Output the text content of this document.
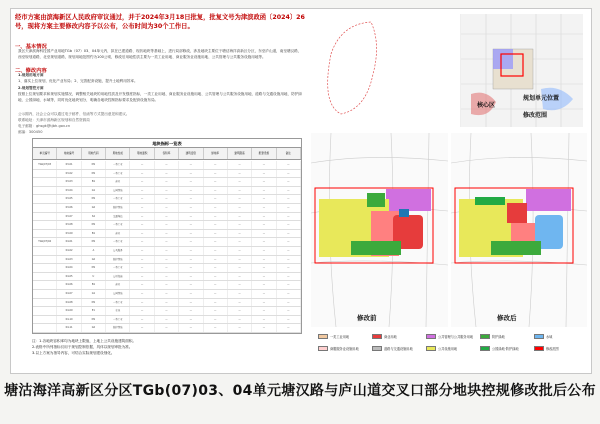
经市方案由滨海新区人民政府审议通过，并于2024年3月18日批复，批复文号为津滨政函〔2024〕26号，现将方案主要修改内容予以公布，公布时间为30个工作日。
一、基本情况
我区天津滨海科技园产业用地TGb（07）03、04单元内，拟在已建道路、现状地块等基础上，进行局部修改，涉及地块主要位于塘沽海洋高新区分区，东至庐山道，南至塘汉路，西至规划道路，北至规划道路，规划用地范围约为100公顷，修改后用地性质主要为一类工业用地、商业服务业设施用地、公共管理与公共服务设施用地等。
二、修改内容
1.规划用地方面
1、落实上位规划，优化产业布局；2、完善配套设施，提升土地利用效率。
2.规划管控方面
按照上位规划要求和规划实施情况，调整相关地块的用地性质及开发强度指标，一类工业用地、商业服务业设施用地、公共管理与公共服务设施用地、道路与交通设施用地、防护绿地、公园绿地、水域等，同时优化地块划分，明确各地块控制指标要求及配套设施布局。
公示期内，社会公众可以通过电子邮件、信函等方式提出意见和建议。
联系地址：天津市滨海新区规划和自然资源局
电子邮箱：ghsgk@tjbh.gov.cn
邮编：300450
地块指标一览表
单元编号	地块编号	用地代码	用地性质	用地面积	容积率	建筑密度	绿地率	建筑限高	配套设施	备注
TGb(07)03	03-01	M1	一类工业	—	—	—	—	—	—	—
03-02	M1	一类工业	—	—	—	—	—	—	—
03-03	B1	商业	—	—	—	—	—	—	—
03-04	G1	公园绿地	—	—	—	—	—	—	—
03-05	M1	一类工业	—	—	—	—	—	—	—
03-06	G2	防护绿地	—	—	—	—	—	—	—
03-07	S4	交通场站	—	—	—	—	—	—	—
03-08	M1	一类工业	—	—	—	—	—	—	—
03-09	B1	商业	—	—	—	—	—	—	—
TGb(07)04	04-01	M1	一类工业	—	—	—	—	—	—	—
04-02	A	公共服务	—	—	—	—	—	—	—
04-03	G2	防护绿地	—	—	—	—	—	—	—
04-04	M1	一类工业	—	—	—	—	—	—	—
04-05	U	公用设施	—	—	—	—	—	—	—
04-06	B1	商业	—	—	—	—	—	—	—
04-07	G1	公园绿地	—	—	—	—	—	—	—
04-08	M1	一类工业	—	—	—	—	—	—	—
04-09	E1	水域	—	—	—	—	—	—	—
04-10	M1	一类工业	—	—	—	—	—	—	—
04-11	G2	防护绿地	—	—	—	—	—	—	—
注：1.各地块容积率均为地块上限值，上地上公共设施建筑面积。
2.表格中所列指标仅用于规划控制依据，具体以规划审批为准。
3.以上方案为指导内容，可结合实际规划建设细化。
规划单元位置
修改范围
核心区
修改前	修改后
一类工业用地	商业用地	公共管理与公共服务用地	防护绿地	水域
商服服务业设施用地	道路与交通设施用地	公共设施用地	公园绿地·防护绿地	修改范围
塘沽海洋高新区分区TGb(07)03、04单元塘汉路与庐山道交叉口部分地块控规修改批后公布
